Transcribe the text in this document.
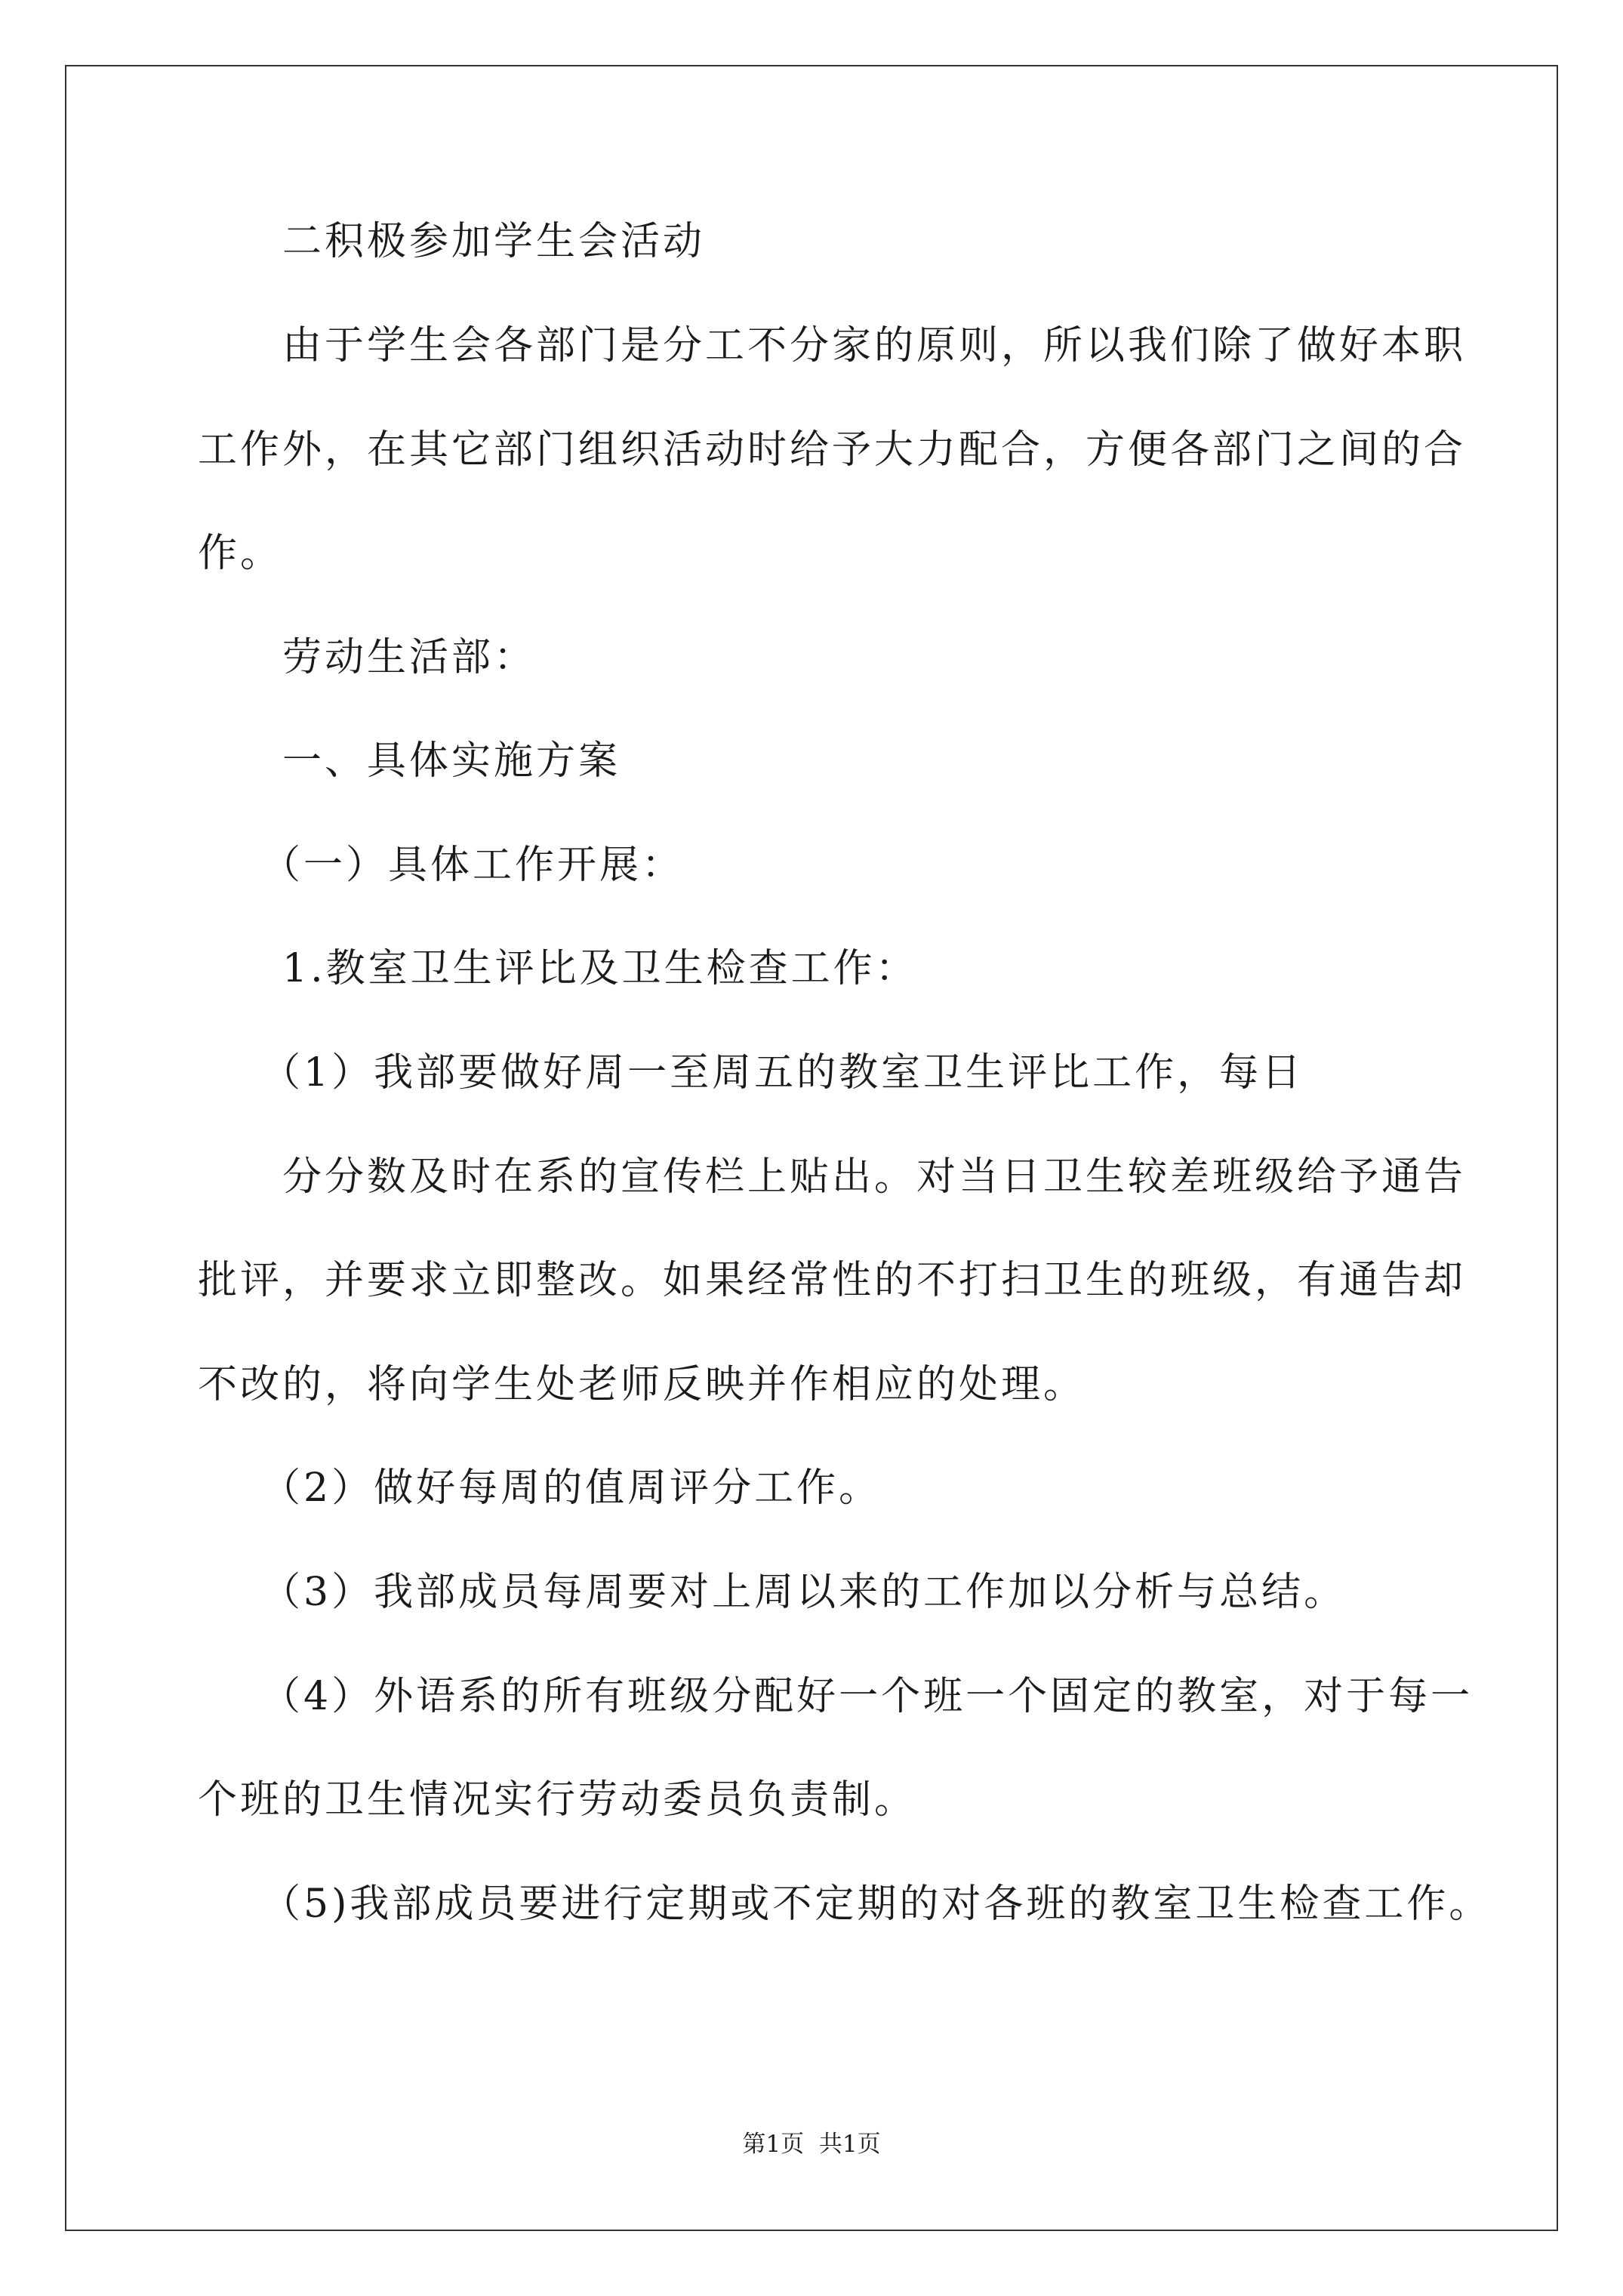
二积极参加学生会活动
由于学生会各部门是分工不分家的原则，所以我们除了做好本职
工作外，在其它部门组织活动时给予大力配合，方便各部门之间的合
作。
劳动生活部：
一、具体实施方案
（一）具体工作开展：
1.教室卫生评比及卫生检查工作：
（1）我部要做好周一至周五的教室卫生评比工作，每日
分分数及时在系的宣传栏上贴出。对当日卫生较差班级给予通告
批评，并要求立即整改。如果经常性的不打扫卫生的班级，有通告却
不改的，将向学生处老师反映并作相应的处理。
（2）做好每周的值周评分工作。
（3）我部成员每周要对上周以来的工作加以分析与总结。
（4）外语系的所有班级分配好一个班一个固定的教室，对于每一
个班的卫生情况实行劳动委员负责制。
（5)我部成员要进行定期或不定期的对各班的教室卫生检查工作。
第1页  共1页
